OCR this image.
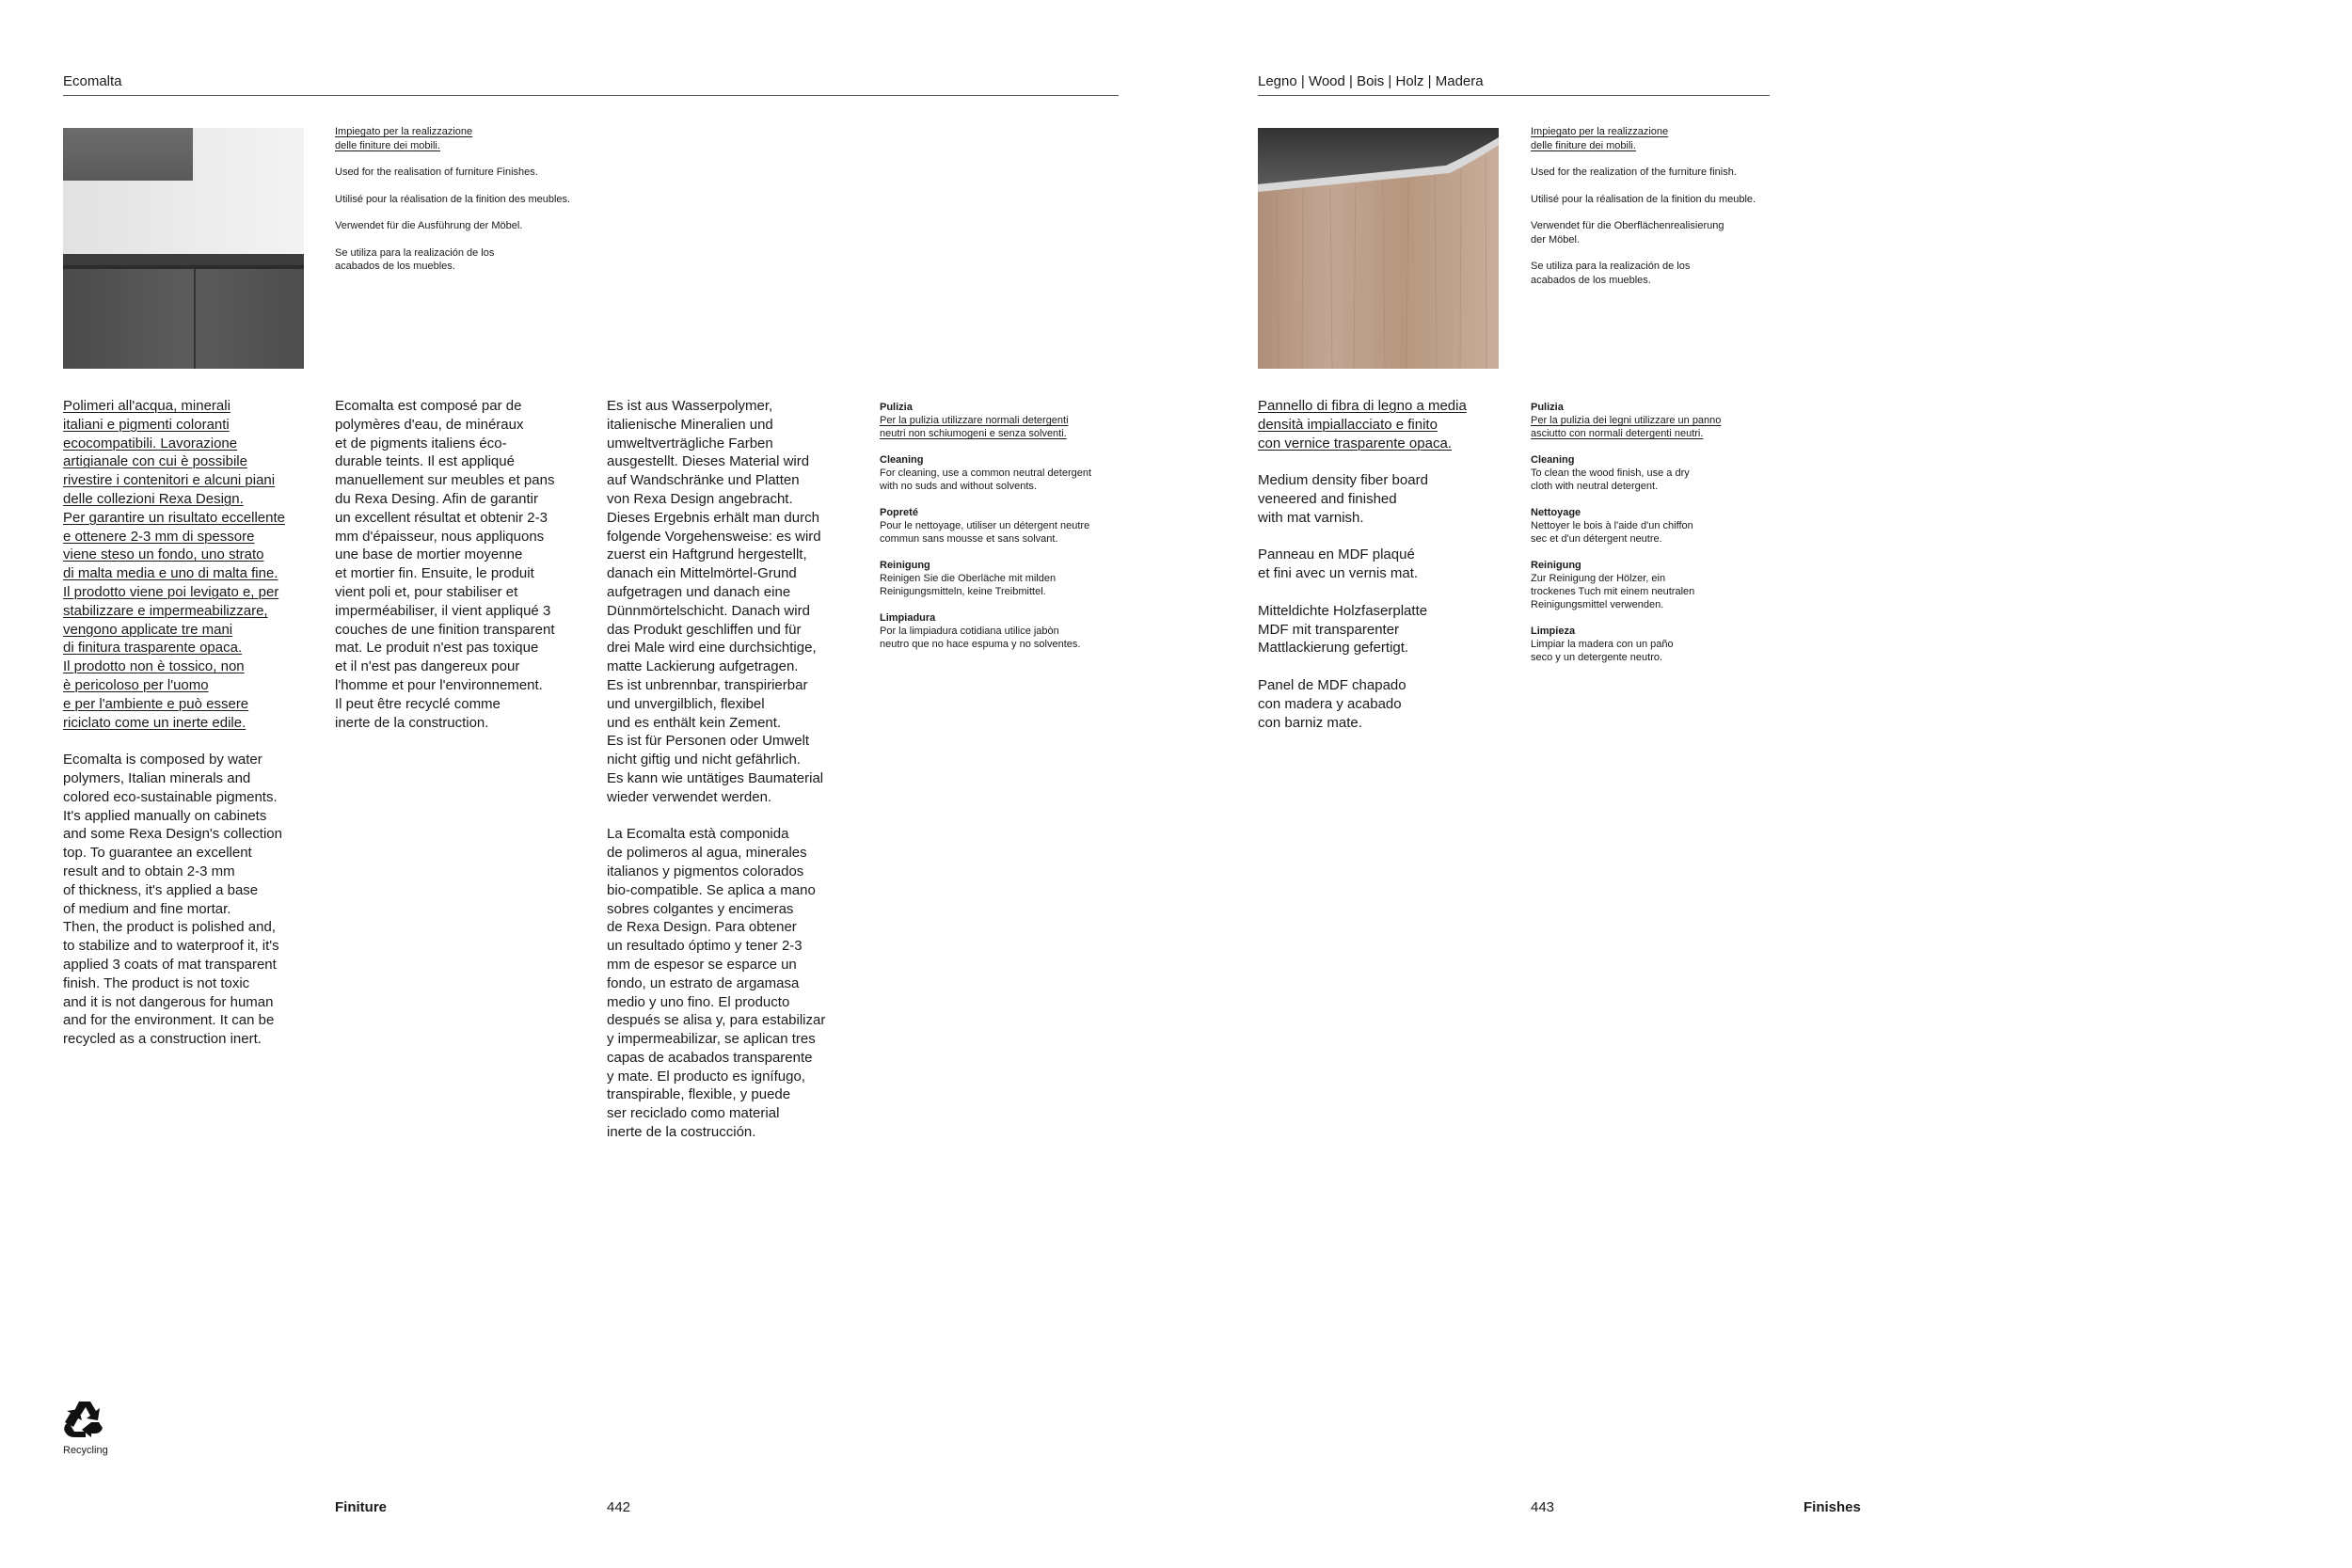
Ecomalta

Impiegato per la realizzazione
delle finiture dei mobili.

Used for the realisation of furniture Finishes.

Utilisé pour la réalisation de la finition des meubles.

Verwendet für die Ausführung der Möbel.

Se utiliza para la realización de los
acabados de los muebles.

Polimeri all'acqua, minerali
italiani e pigmenti coloranti
ecocompatibili. Lavorazione
artigianale con cui è possibile
rivestire i contenitori e alcuni piani
delle collezioni Rexa Design.
Per garantire un risultato eccellente
e ottenere 2-3 mm di spessore
viene steso un fondo, uno strato
di malta media e uno di malta fine.
Il prodotto viene poi levigato e, per
stabilizzare e impermeabilizzare,
vengono applicate tre mani
di finitura trasparente opaca.
Il prodotto non è tossico, non
è pericoloso per l'uomo
e per l'ambiente e può essere
riciclato come un inerte edile.

Ecomalta is composed by water
polymers, Italian minerals and
colored eco-sustainable pigments.
It's applied manually on cabinets
and some Rexa Design's collection
top. To guarantee an excellent
result and to obtain 2-3 mm
of thickness, it's applied a base
of medium and fine mortar.
Then, the product is polished and,
to stabilize and to waterproof it, it's
applied 3 coats of mat transparent
finish. The product is not toxic
and it is not dangerous for human
and for the environment. It can be
recycled as a construction inert.

Ecomalta est composé par de
polymères d'eau, de minéraux
et de pigments italiens éco-
durable teints. Il est appliqué
manuellement sur meubles et pans
du Rexa Desing. Afin de garantir
un excellent résultat et obtenir 2-3
mm d'épaisseur, nous appliquons
une base de mortier moyenne
et mortier fin. Ensuite, le produit
vient poli et, pour stabiliser et
imperméabiliser, il vient appliqué 3
couches de une finition transparent
mat. Le produit n'est pas toxique
et il n'est pas dangereux pour
l'homme et pour l'environnement.
Il peut être recyclé comme
inerte de la construction.

Es ist aus Wasserpolymer,
italienische Mineralien und
umweltverträgliche Farben
ausgestellt. Dieses Material wird
auf Wandschränke und Platten
von Rexa Design angebracht.
Dieses Ergebnis erhält man durch
folgende Vorgehensweise: es wird
zuerst ein Haftgrund hergestellt,
danach ein Mittelmörtel-Grund
aufgetragen und danach eine
Dünnmörtelschicht. Danach wird
das Produkt geschliffen und für
drei Male wird eine durchsichtige,
matte Lackierung aufgetragen.
Es ist unbrennbar, transpirierbar
und unvergilblich, flexibel
und es enthält kein Zement.
Es ist für Personen oder Umwelt
nicht giftig und nicht gefährlich.
Es kann wie untätiges Baumaterial
wieder verwendet werden.

La Ecomalta està componida
de polimeros al agua, minerales
italianos y pigmentos colorados
bio-compatible. Se aplica a mano
sobres colgantes y encimeras
de Rexa Design. Para obtener
un resultado óptimo y tener 2-3
mm de espesor se esparce un
fondo, un estrato de argamasa
medio y uno fino. El producto
después se alisa y, para estabilizar
y impermeabilizar, se aplican tres
capas de acabados transparente
y mate. El producto es ignífugo,
transpirable, flexible, y puede
ser reciclado como material
inerte de la costrucción.

Pulizia
Per la pulizia utilizzare normali detergenti
neutri non schiumogeni e senza solventi.
Cleaning
For cleaning, use a common neutral detergent
with no suds and without solvents.
Popreté
Pour le nettoyage, utiliser un détergent neutre
commun sans mousse et sans solvant.
Reinigung
Reinigen Sie die Oberläche mit milden
Reinigungsmitteln, keine Treibmittel.
Limpiadura
Por la limpiadura cotidiana utilice jabòn
neutro que no hace espuma y no solventes.
Recycling
Finiture	442
Legno | Wood | Bois | Holz | Madera

Impiegato per la realizzazione
delle finiture dei mobili.

Used for the realization of the furniture finish.

Utilisé pour la réalisation de la finition du meuble.

Verwendet für die Oberflächenrealisierung
der Möbel.

Se utiliza para la realización de los
acabados de los muebles.

Pannello di fibra di legno a media
densità impiallacciato e finito
con vernice trasparente opaca.

Medium density fiber board
veneered and finished
with mat varnish.

Panneau en MDF plaqué
et fini avec un vernis mat.

Mitteldichte Holzfaserplatte
MDF mit transparenter
Mattlackierung gefertigt.

Panel de MDF chapado
con madera y acabado
con barniz mate.

Pulizia
Per la pulizia dei legni utilizzare un panno
asciutto con normali detergenti neutri.
Cleaning
To clean the wood finish, use a dry
cloth with neutral detergent.
Nettoyage
Nettoyer le bois à l'aide d'un chiffon
sec et d'un détergent neutre.
Reinigung
Zur Reinigung der Hölzer, ein
trockenes Tuch mit einem neutralen
Reinigungsmittel verwenden.
Limpieza
Limpiar la madera con un paño
seco y un detergente neutro.
443	Finishes
